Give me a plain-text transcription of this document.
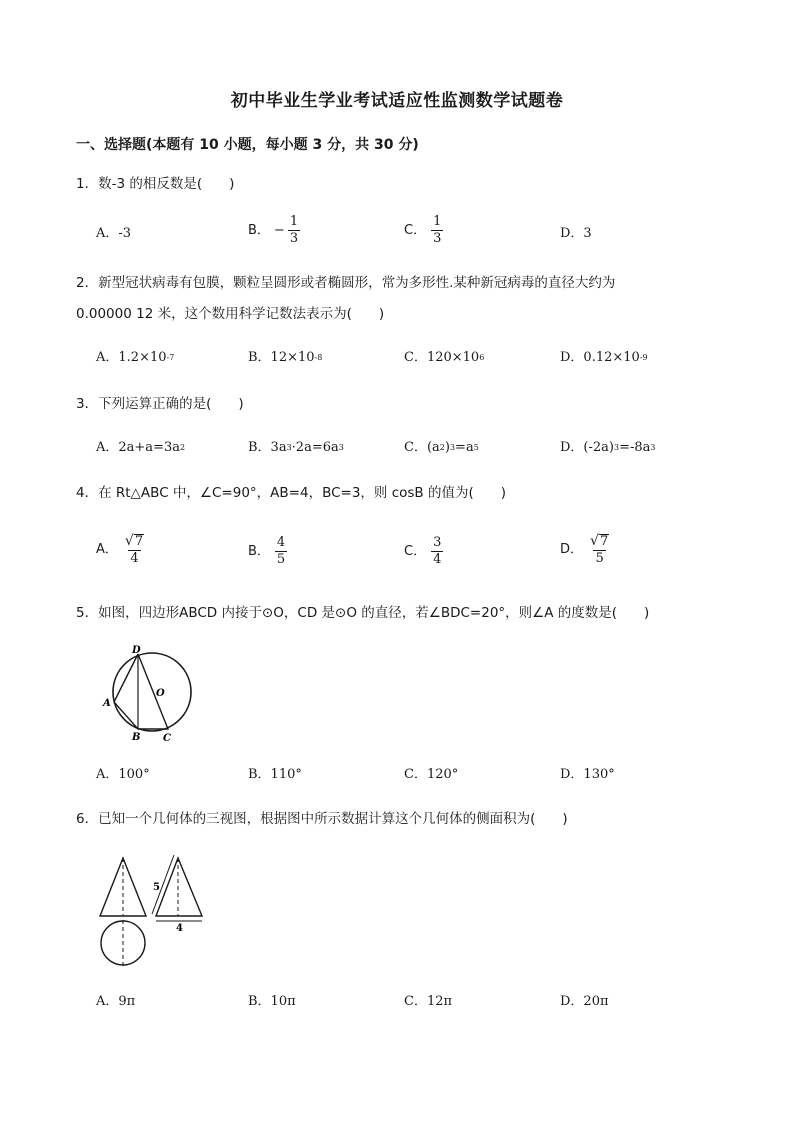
初中毕业生学业考试适应性监测数学试题卷
一、选择题(本题有 10 小题，每小题 3 分，共 30 分)
1．数-3 的相反数是(　　)
A．-3	B． − $\frac{1}{3}$	C． $\frac{1}{3}$	D．3
2．新型冠状病毒有包膜，颗粒呈圆形或者椭圆形，常为多形性.某种新冠病毒的直径大约为
0.00000 12 米，这个数用科学记数法表示为(　　)
A．1.2×10 -7	B．12×10 -8	C．120×10 6	D．0.12×10 -9
3．下列运算正确的是(　　)
A．2a+a=3a 2	B．3a 3 ·2a=6a 3	C．(a 2 ) 3 =a 5	D．(-2a) 3 =-8a 3
4．在 Rt△ABC 中，∠C=90°，AB=4，BC=3，则 cosB 的值为(　　)
A． $\frac{√ 7}{4}$	B． $\frac{4}{5}$	C． $\frac{3}{4}$	D． $\frac{√ 7}{5}$
5．如图，四边形ABCD 内接于⊙O，CD 是⊙O 的直径，若∠BDC=20°，则∠A 的度数是(　　)
D
A
O
B C
A．100°	B．110°	C．120°	D．130°
6．已知一个几何体的三视图，根据图中所示数据计算这个几何体的侧面积为(　　)
5
4
A．9π	B．10π	C．12π	D．20π
